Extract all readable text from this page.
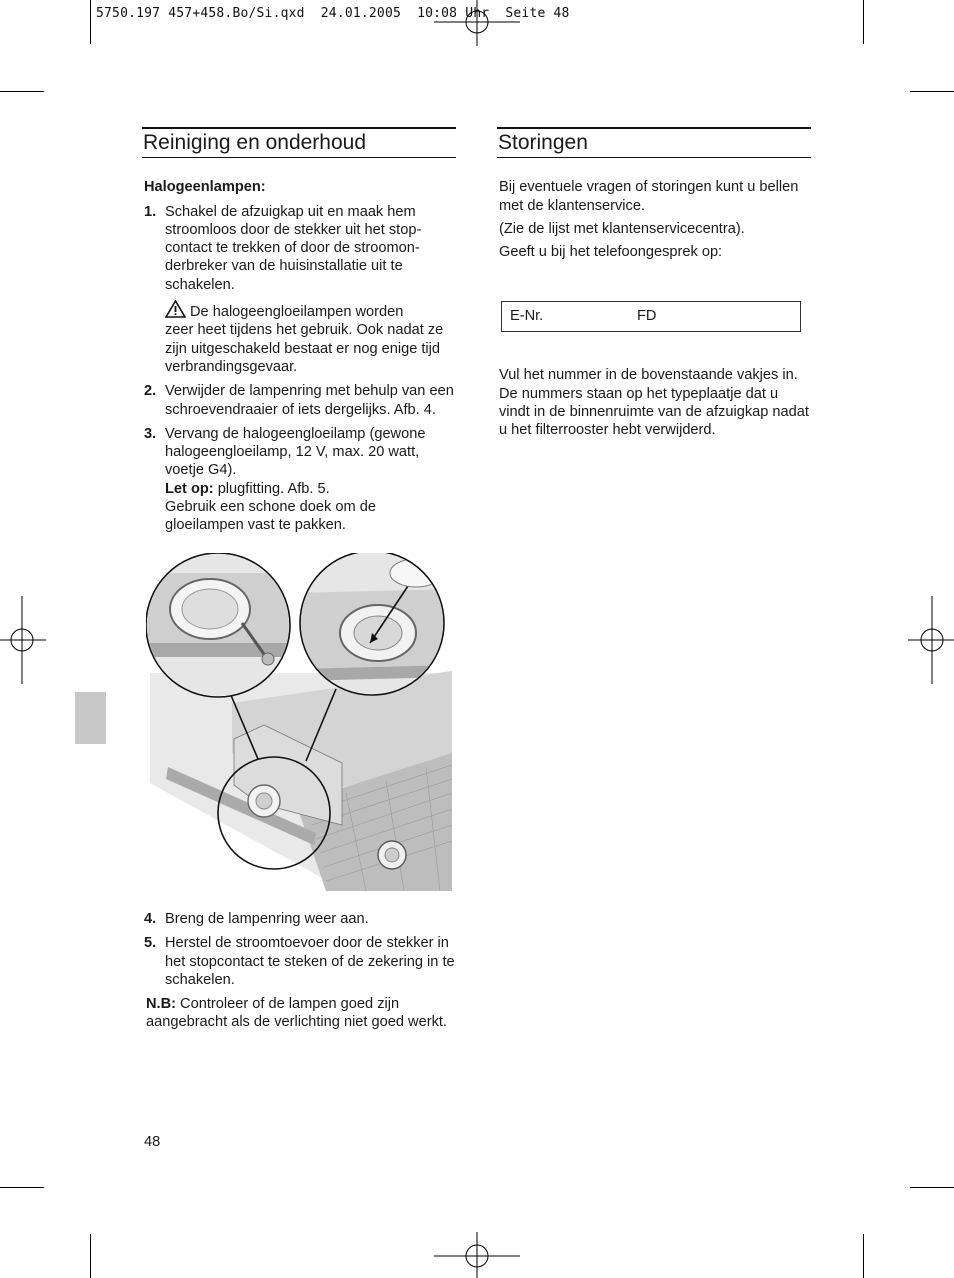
5750.197 457+458.Bo/Si.qxd  24.01.2005  10:08 Uhr  Seite 48
Reiniging en onderhoud

Halogeenlampen:

1. Schakel de afzuigkap uit en maak hem stroomloos door de stekker uit het stop-contact te trekken of door de stroomon-derbreker van de huisinstallatie uit te schakelen.

De halogeengloeilampen worden
zeer heet tijdens het gebruik. Ook nadat ze zijn uitgeschakeld bestaat er nog enige tijd
verbrandingsgevaar.

2. Verwijder de lampenring met behulp van een schroevendraaier of iets dergelijks. Afb. 4.

3. Vervang de halogeengloeilamp (gewone halogeengloeilamp, 12 V, max. 20 watt, voetje G4).

Let op: plugfitting. Afb. 5.

Gebruik een schone doek om de gloeilampen vast te pakken.

4. Breng de lampenring weer aan.

5. Herstel de stroomtoevoer door de stekker in het stopcontact te steken of de zekering in te schakelen.

N.B: Controleer of de lampen goed zijn aangebracht als de verlichting niet goed werkt.

Storingen

Bij eventuele vragen of storingen kunt u bellen met de klantenservice.

(Zie de lijst met klantenservicecentra).

Geeft u bij het telefoongesprek op:

E-Nr.	FD

Vul het nummer in de bovenstaande vakjes in. De nummers staan op het typeplaatje dat u vindt in de binnenruimte van de afzuigkap nadat u het filterrooster hebt verwijderd.

48
